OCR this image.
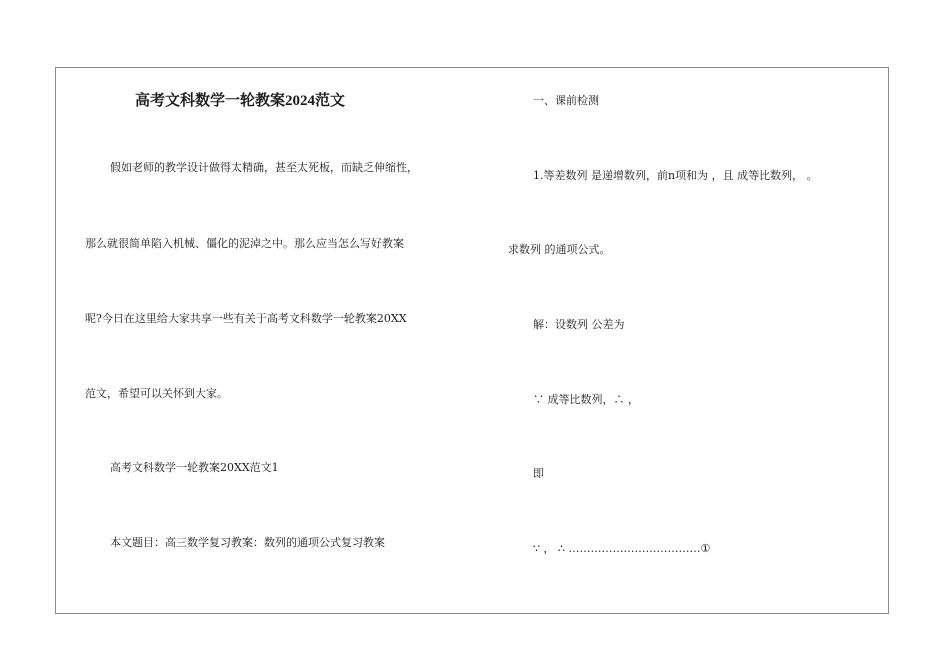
高考文科数学一轮教案2024范文
假如老师的教学设计做得太精确，甚至太死板，而缺乏伸缩性，
那么就很简单陷入机械、僵化的泥淖之中。那么应当怎么写好教案
呢?今日在这里给大家共享一些有关于高考文科数学一轮教案20XX
范文，希望可以关怀到大家。
高考文科数学一轮教案20XX范文1
本文题目：高三数学复习教案：数列的通项公式复习教案
一、课前检测
1.等差数列 是递增数列，前n项和为 ，且 成等比数列， 。
求数列 的通项公式。
解：设数列 公差为
∵ 成等比数列，∴ ，
即
∵ ， ∴ ………………………………①
